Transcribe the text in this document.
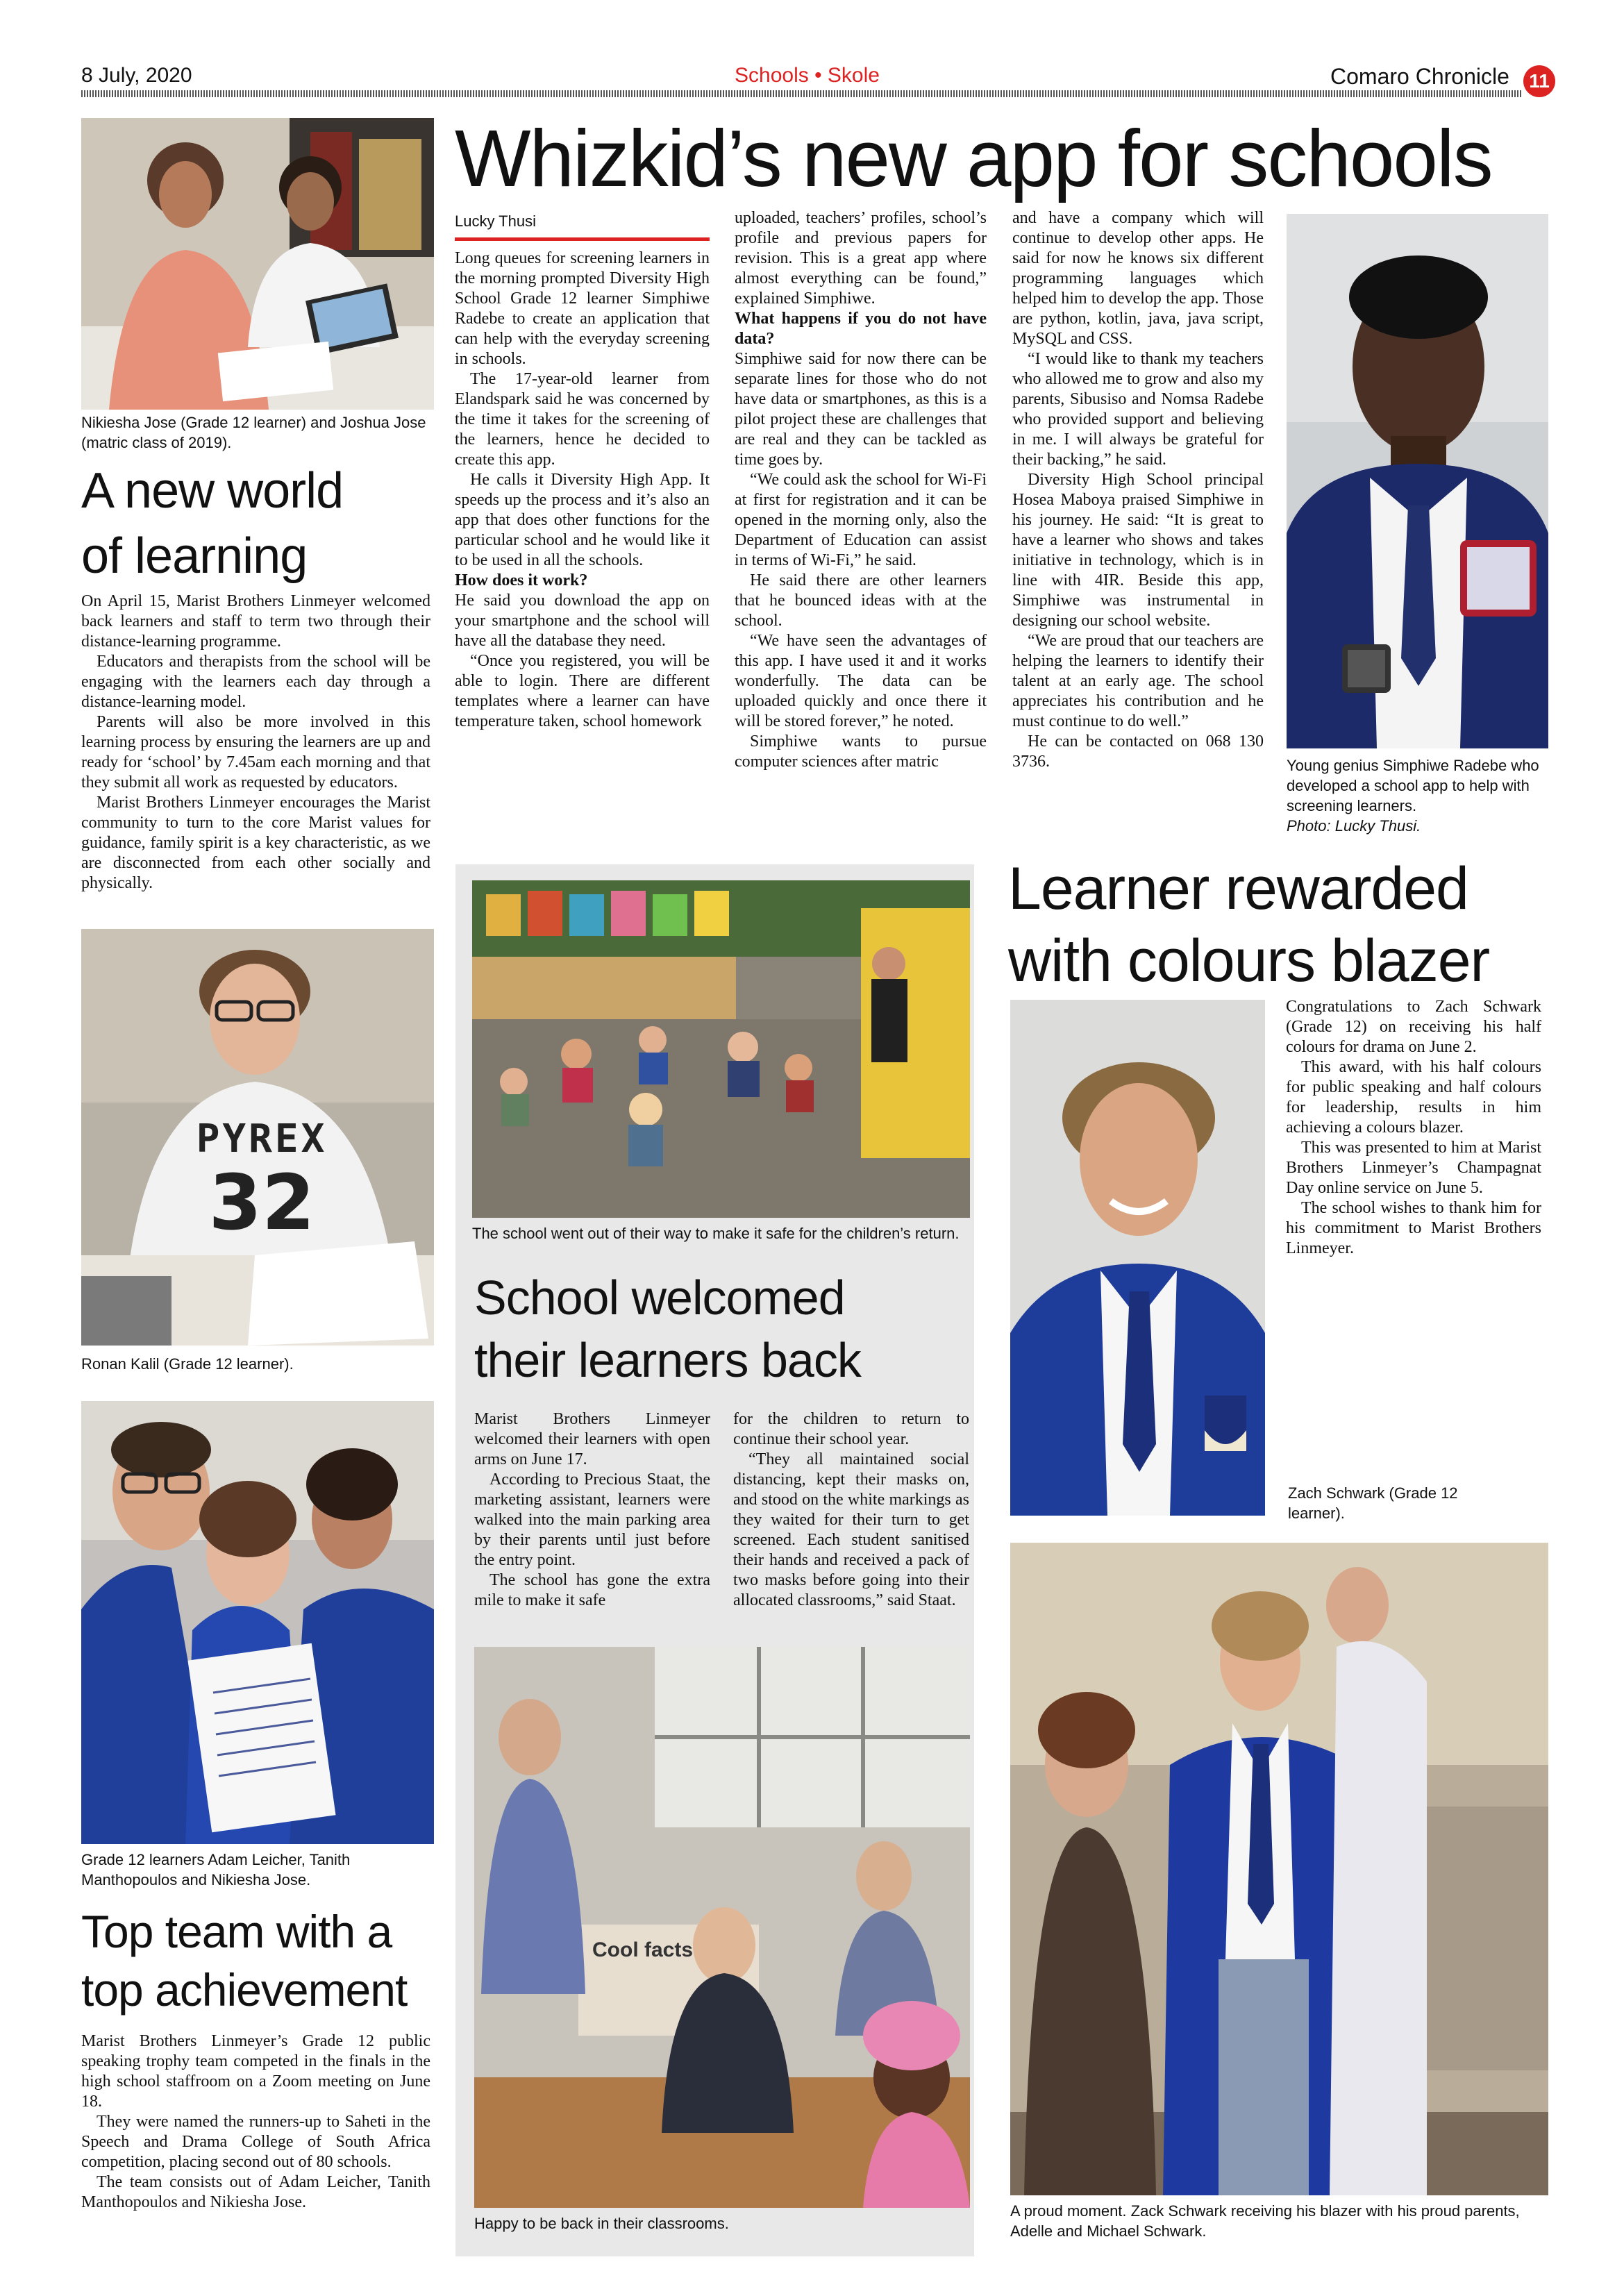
8 July, 2020	Schools • Skole	Comaro Chronicle 11
Nikiesha Jose (Grade 12 learner) and Joshua Jose (matric class of 2019).
A new world
of learning

On April 15, Marist Brothers Linmeyer welcomed back learners and staff to term two through their distance-learning programme.

Educators and therapists from the school will be engaging with the learners each day through a distance-learning model.

Parents will also be more involved in this learning process by ensuring the learners are up and ready for ‘school’ by 7.45am each morning and that they submit all work as requested by educators.

Marist Brothers Linmeyer encourages the Marist community to turn to the core Marist values for guidance, family spirit is a key characteristic, as we are disconnected from each other socially and physically.

PYREX
32
Ronan Kalil (Grade 12 learner).
Grade 12 learners Adam Leicher, Tanith Manthopoulos and Nikiesha Jose.
Top team with a
top achievement

Marist Brothers Linmeyer’s Grade 12 public speaking trophy team competed in the finals in the high school staffroom on a Zoom meeting on June 18.

They were named the runners-up to Saheti in the Speech and Drama College of South Africa competition, placing second out of 80 schools.

The team consists out of Adam Leicher, Tanith Manthopoulos and Nikiesha Jose.

Whizkid’s new app for schools
Lucky Thusi

Long queues for screening learners in the morning prompted Diversity High School Grade 12 learner Simphiwe Radebe to create an application that can help with the everyday screening in schools.

The 17-year-old learner from Elandspark said he was concerned by the time it takes for the screening of the learners, hence he decided to create this app.

He calls it Diversity High App. It speeds up the process and it’s also an app that does other functions for the particular school and he would like it to be used in all the schools.

How does it work?

He said you download the app on your smartphone and the school will have all the database they need.

“Once you registered, you will be able to login. There are different templates where a learner can have temperature taken, school homework

uploaded, teachers’ profiles, school’s profile and previous papers for revision. This is a great app where almost everything can be found,” explained Simphiwe.

What happens if you do not have data?

Simphiwe said for now there can be separate lines for those who do not have data or smartphones, as this is a pilot project these are challenges that are real and they can be tackled as time goes by.

“We could ask the school for Wi-Fi at first for registration and it can be opened in the morning only, also the Department of Education can assist in terms of Wi-Fi,” he said.

He said there are other learners that he bounced ideas with at the school.

“We have seen the advantages of this app. I have used it and it works wonderfully. The data can be uploaded quickly and once there it will be stored forever,” he noted.

Simphiwe wants to pursue computer sciences after matric

and have a company which will continue to develop other apps. He said for now he knows six different programming languages which helped him to develop the app. Those are python, kotlin, java, java script, MySQL and CSS.

“I would like to thank my teachers who allowed me to grow and also my parents, Sibusiso and Nomsa Radebe who provided support and believing in me. I will always be grateful for their backing,” he said.

Diversity High School principal Hosea Maboya praised Simphiwe in his journey. He said: “It is great to have a learner who shows and takes initiative in technology, which is in line with 4IR. Beside this app, Simphiwe was instrumental in designing our school website.

“We are proud that our teachers are helping the learners to identify their talent at an early age. The school appreciates his contribution and he must continue to do well.”

He can be contacted on 068 130 3736.	Young genius Simphiwe Radebe who developed a school app to help with screening learners.
Photo: Lucky Thusi.
The school went out of their way to make it safe for the children’s return.
School welcomed
their learners back

Marist Brothers Linmeyer welcomed their learners with open arms on June 17.

According to Precious Staat, the marketing assistant, learners were walked into the main parking area by their parents until just before the entry point.

The school has gone the extra mile to make it safe

for the children to return to continue their school year.

“They all maintained social distancing, kept their masks on, and stood on the white markings as they waited for their turn to get screened. Each student sanitised their hands and received a pack of two masks before going into their allocated classrooms,” said Staat.

Cool facts
Happy to be back in their classrooms.
Learner rewarded
with colours blazer

Congratulations to Zach Schwark (Grade 12) on receiving his half colours for drama on June 2.

This award, with his half colours for public speaking and half colours for leadership, results in him achieving a colours blazer.

This was presented to him at Marist Brothers Linmeyer’s Champagnat Day online service on June 5.

The school wishes to thank him for his commitment to Marist Brothers Linmeyer.

Zach Schwark (Grade 12 learner).
A proud moment. Zack Schwark receiving his blazer with his proud parents, Adelle and Michael Schwark.
